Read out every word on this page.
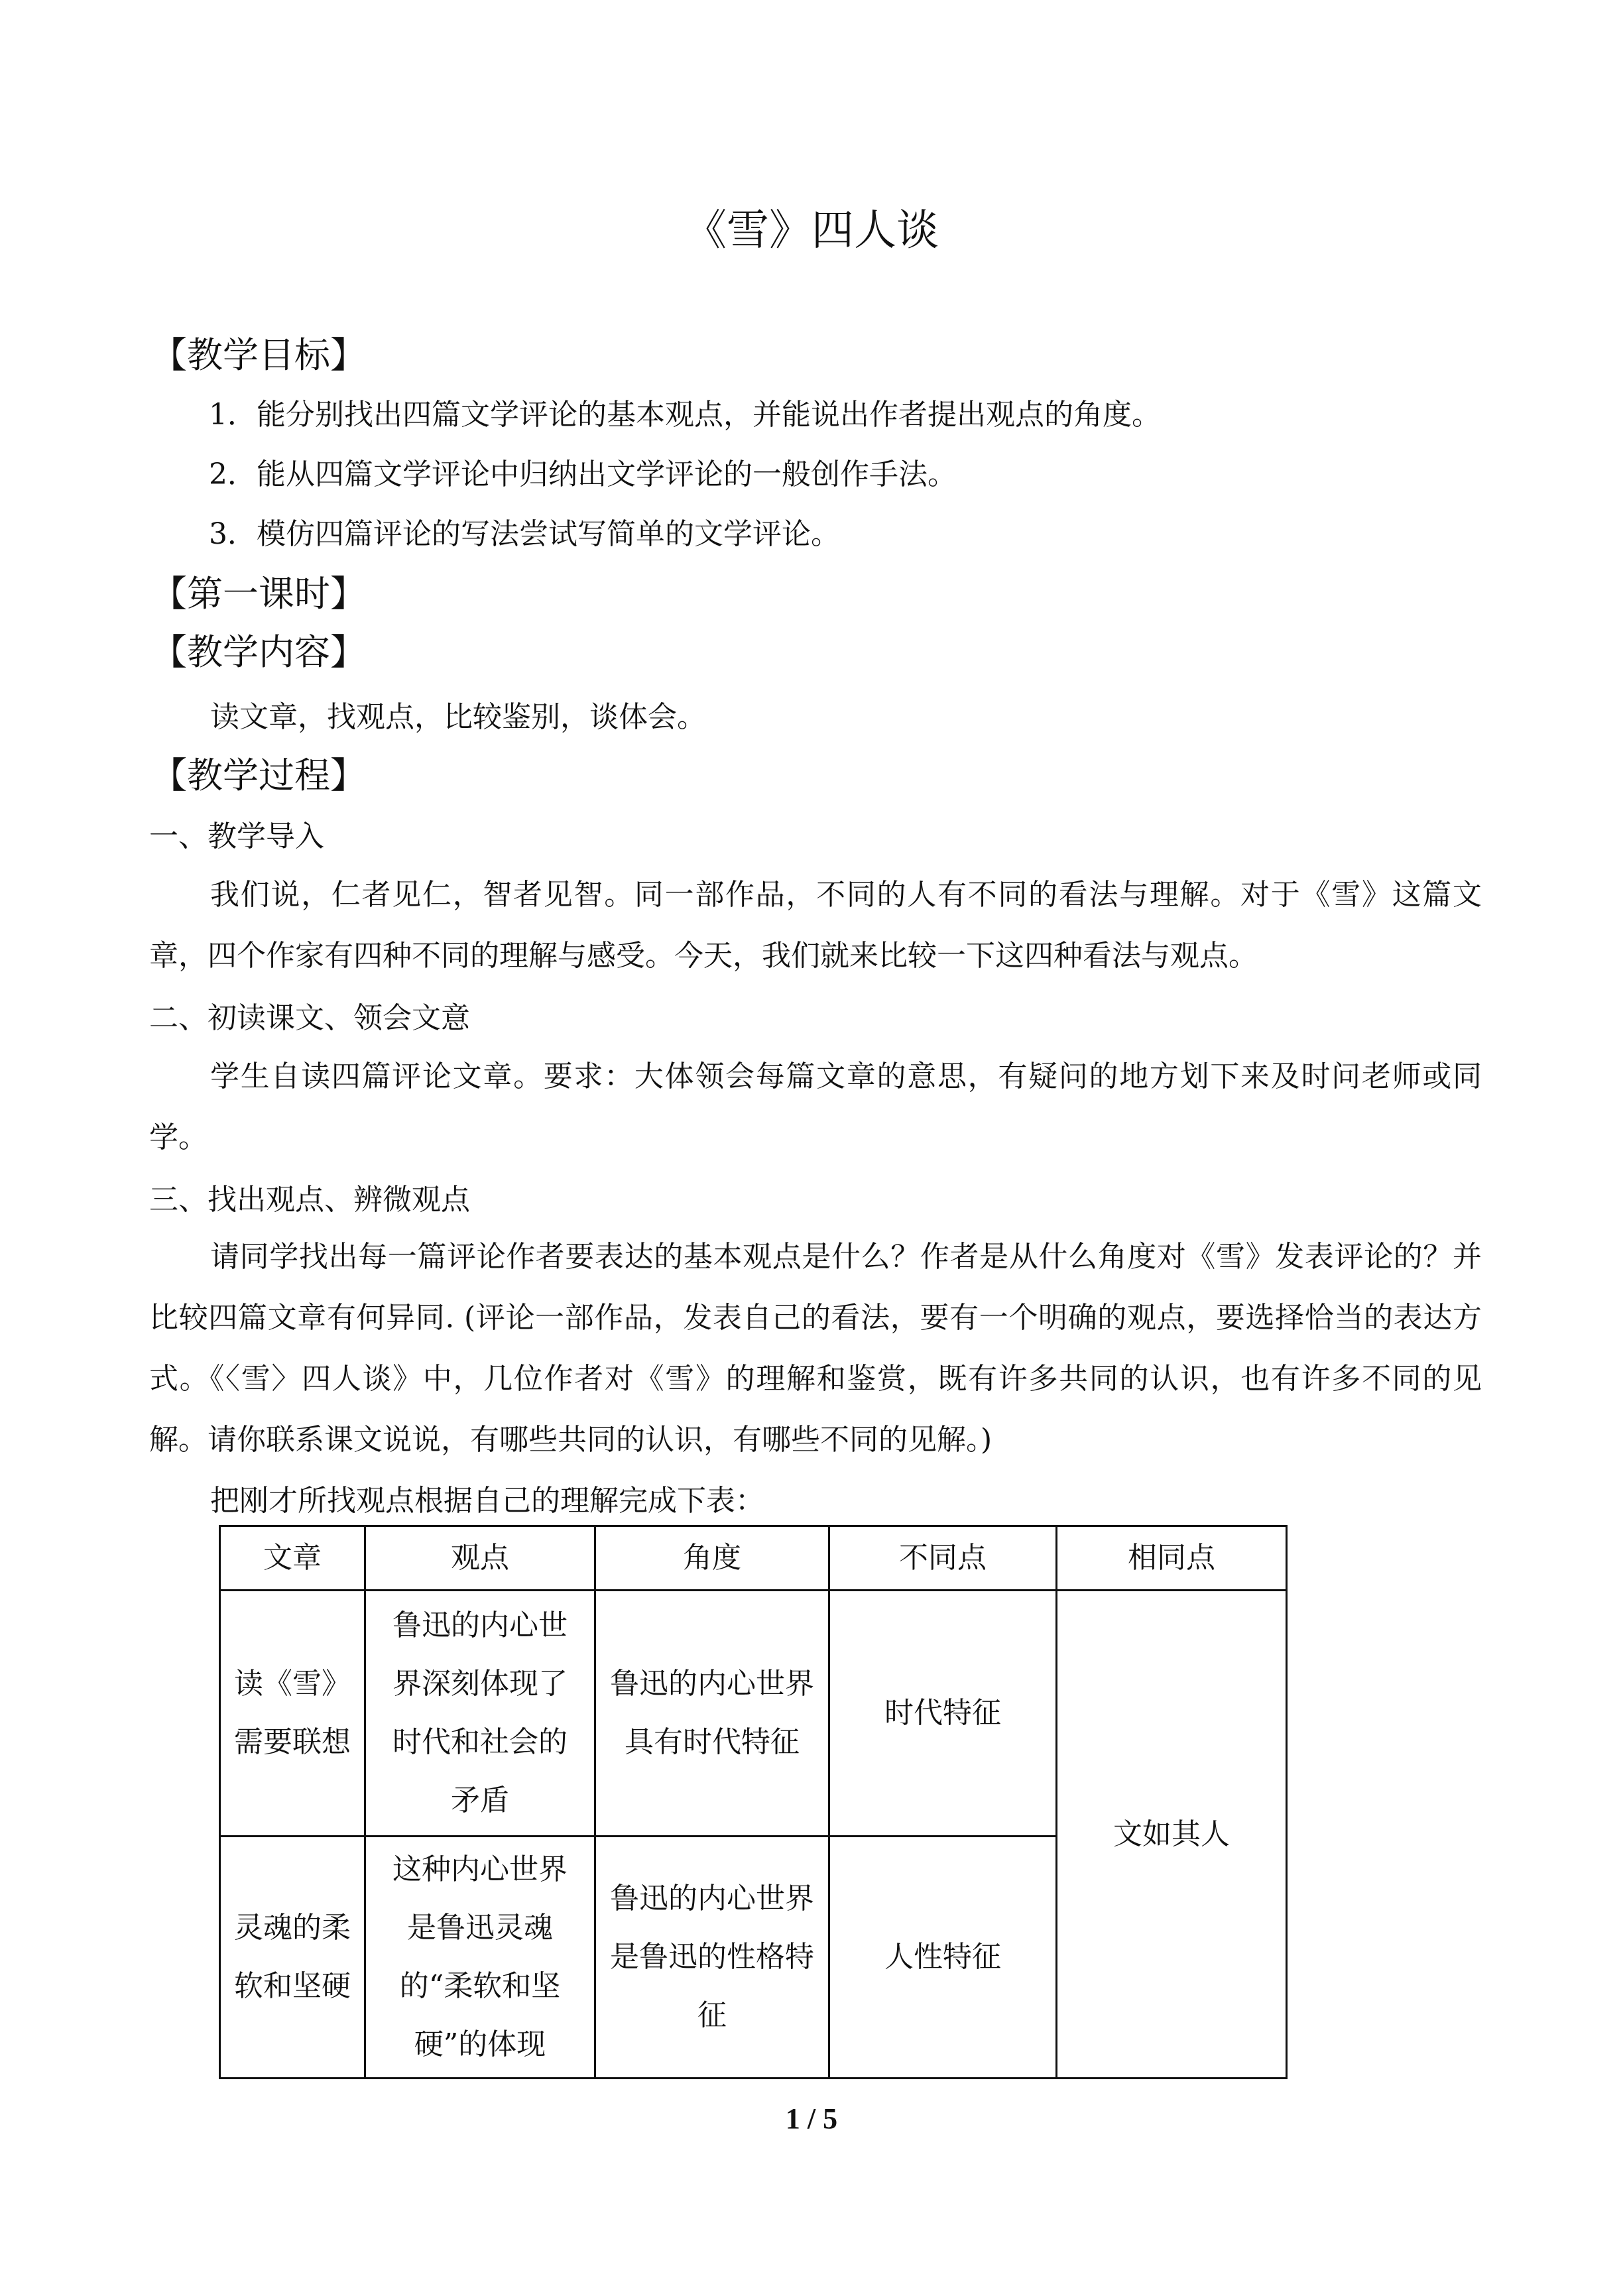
《雪》四人谈
【教学目标】
1．能分别找出四篇文学评论的基本观点，并能说出作者提出观点的角度。
2．能从四篇文学评论中归纳出文学评论的一般创作手法。
3．模仿四篇评论的写法尝试写简单的文学评论。
【第一课时】
【教学内容】
读文章，找观点，比较鉴别，谈体会。
【教学过程】
一、教学导入
我们说，仁者见仁，智者见智。同一部作品，不同的人有不同的看法与理解。对于《雪》这篇文章，四个作家有四种不同的理解与感受。今天，我们就来比较一下这四种看法与观点。
二、初读课文、领会文意
学生自读四篇评论文章。要求：大体领会每篇文章的意思，有疑问的地方划下来及时问老师或同学。
三、找出观点、辨微观点
请同学找出每一篇评论作者要表达的基本观点是什么？作者是从什么角度对《雪》发表评论的？并比较四篇文章有何异同. (评论一部作品，发表自己的看法，要有一个明确的观点，要选择恰当的表达方式。《〈雪〉四人谈》中，几位作者对《雪》的理解和鉴赏，既有许多共同的认识，也有许多不同的见解。请你联系课文说说，有哪些共同的认识，有哪些不同的见解。)
把刚才所找观点根据自己的理解完成下表：
文章	观点	角度	不同点	相同点
读《雪》需要联想	鲁迅的内心世界深刻体现了时代和社会的矛盾	鲁迅的内心世界具有时代特征	时代特征	文如其人
灵魂的柔软和坚硬	这种内心世界是鲁迅灵魂的“柔软和坚硬”的体现	鲁迅的内心世界是鲁迅的性格特征	人性特征	
1 / 5
